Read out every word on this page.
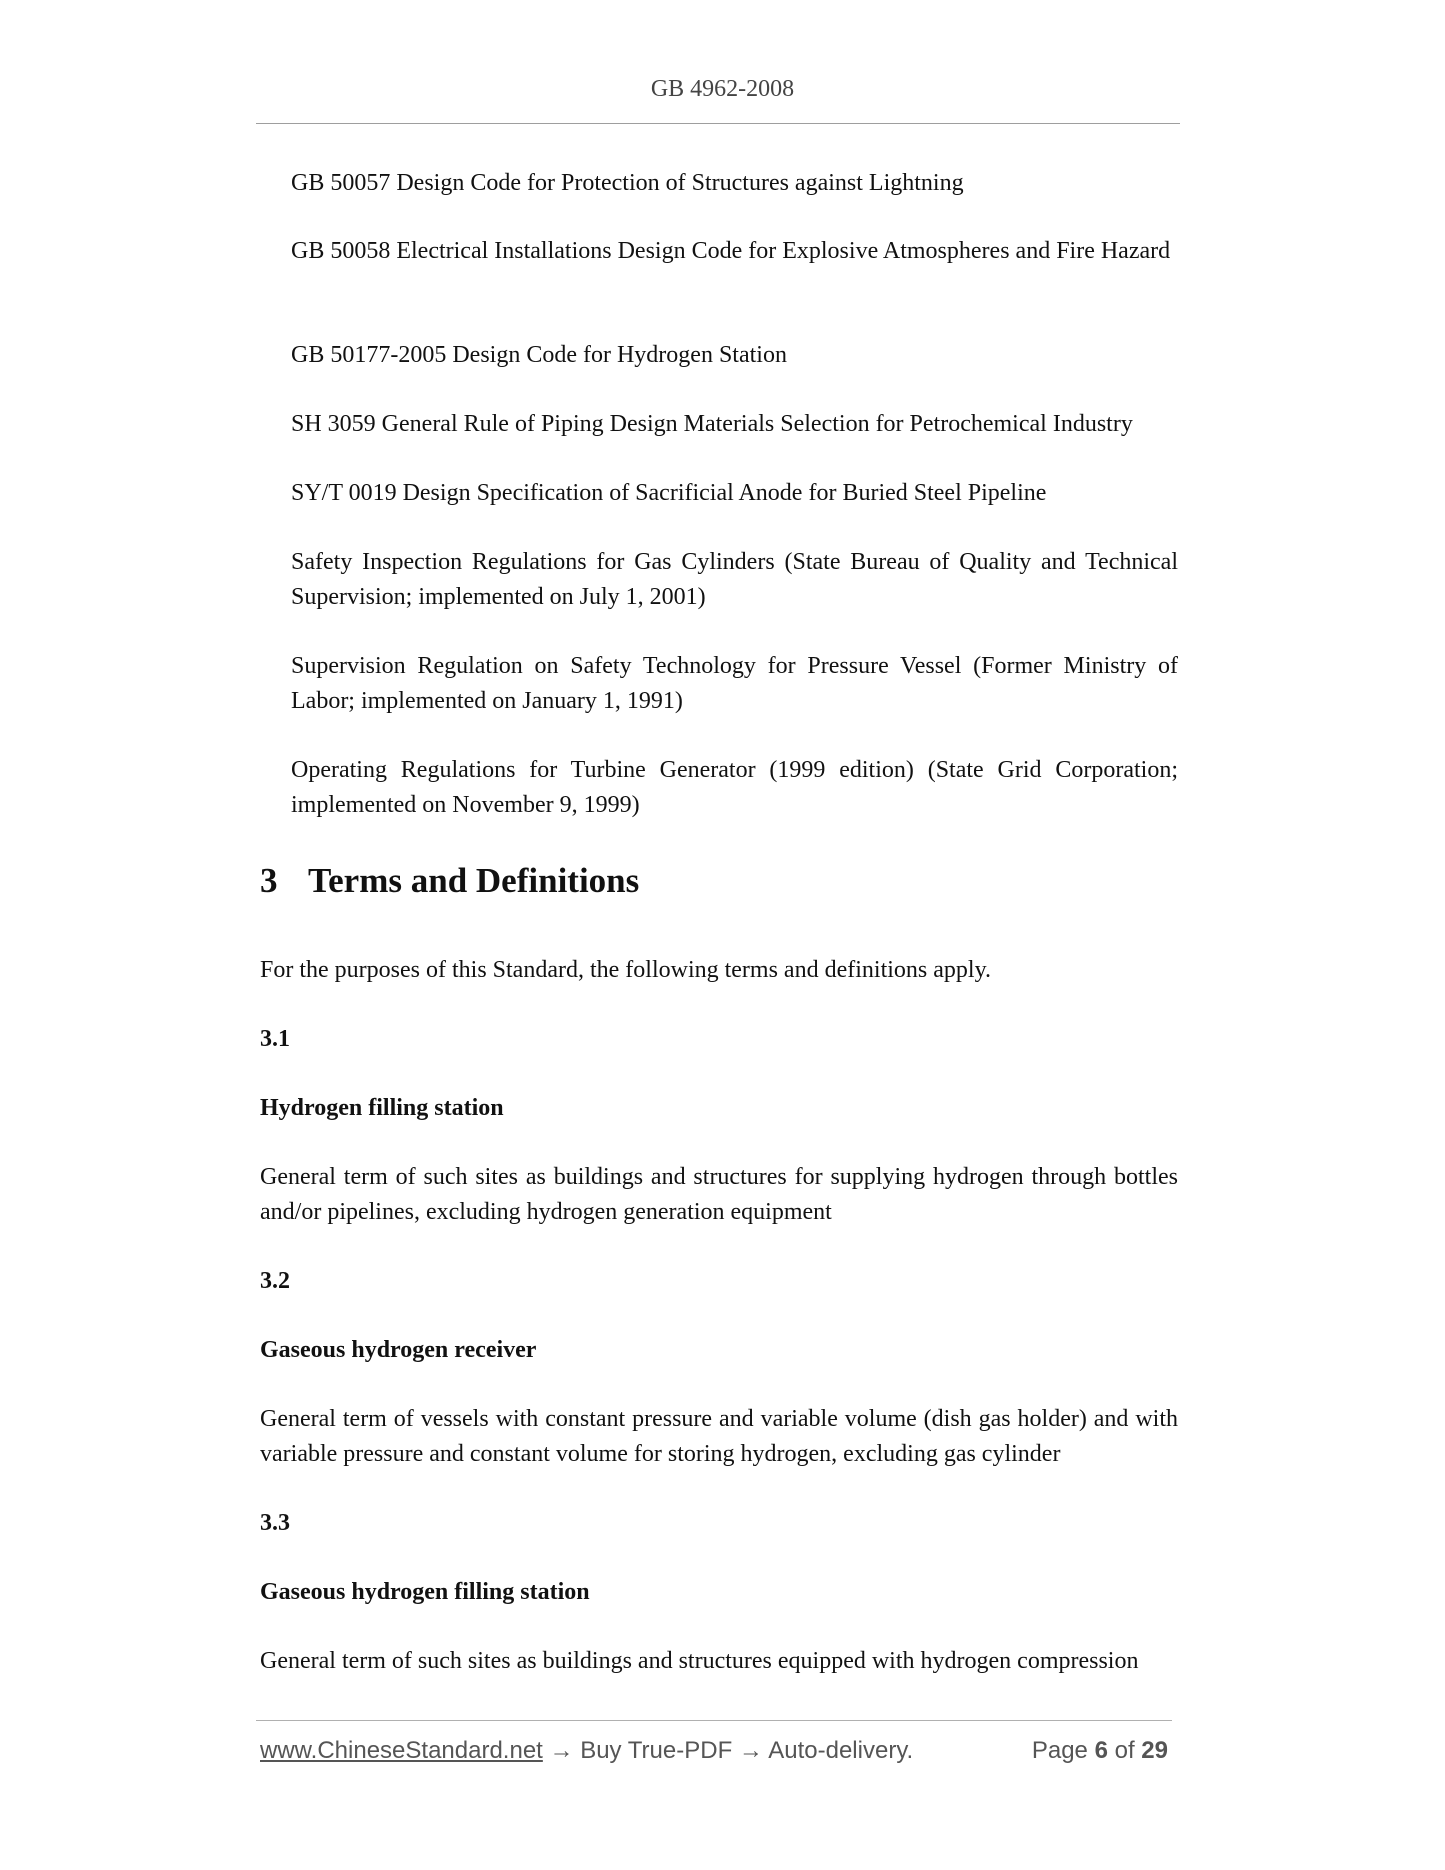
GB 4962-2008

GB 50057 Design Code for Protection of Structures against Lightning

GB 50058 Electrical Installations Design Code for Explosive Atmospheres and Fire Hazard

GB 50177-2005 Design Code for Hydrogen Station

SH 3059 General Rule of Piping Design Materials Selection for Petrochemical Industry

SY/T 0019 Design Specification of Sacrificial Anode for Buried Steel Pipeline

Safety Inspection Regulations for Gas Cylinders (State Bureau of Quality and Technical Supervision; implemented on July 1, 2001)

Supervision Regulation on Safety Technology for Pressure Vessel (Former Ministry of Labor; implemented on January 1, 1991)

Operating Regulations for Turbine Generator (1999 edition) (State Grid Corporation; implemented on November 9, 1999)

3 Terms and Definitions

For the purposes of this Standard, the following terms and definitions apply.

3.1

Hydrogen filling station

General term of such sites as buildings and structures for supplying hydrogen through bottles and/or pipelines, excluding hydrogen generation equipment

3.2

Gaseous hydrogen receiver

General term of vessels with constant pressure and variable volume (dish gas holder) and with variable pressure and constant volume for storing hydrogen, excluding gas cylinder

3.3

Gaseous hydrogen filling station

General term of such sites as buildings and structures equipped with hydrogen compression

www.ChineseStandard.net → Buy True-PDF → Auto-delivery.	Page 6 of 29
